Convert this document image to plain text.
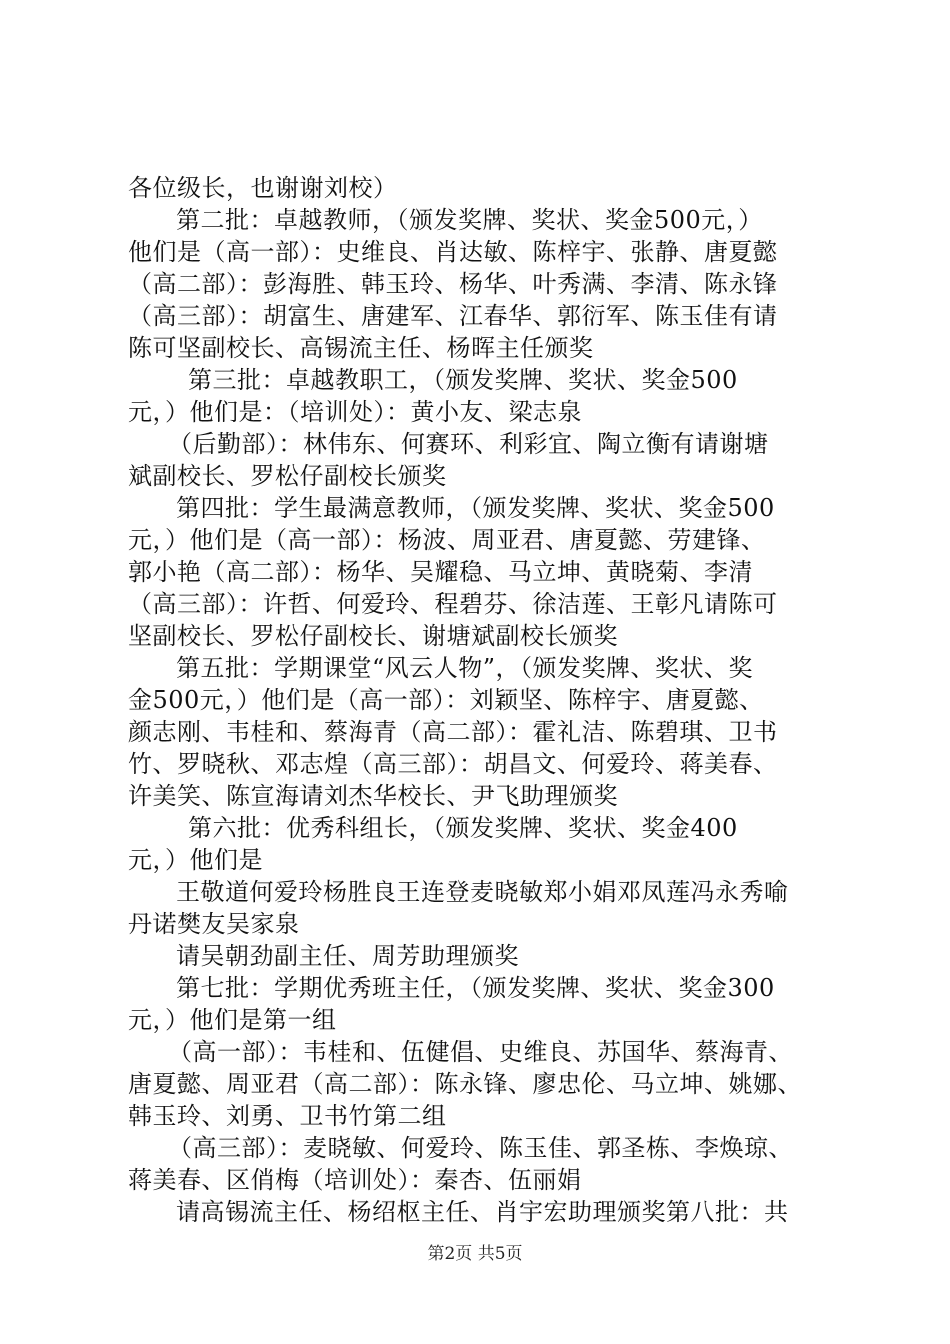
各位级长，也谢谢刘校）
第二批：卓越教师，（颁发奖牌、奖状、奖金500元，）
他们是（高一部）：史维良、肖达敏、陈梓宇、张静、唐夏懿
（高二部）：彭海胜、韩玉玲、杨华、叶秀满、李清、陈永锋
（高三部）：胡富生、唐建军、江春华、郭衍军、陈玉佳有请
陈可坚副校长、高锡流主任、杨晖主任颁奖
第三批：卓越教职工，（颁发奖牌、奖状、奖金500
元，）他们是：（培训处）：黄小友、梁志泉
（后勤部）：林伟东、何赛环、利彩宜、陶立衡有请谢塘
斌副校长、罗松仔副校长颁奖
第四批：学生最满意教师，（颁发奖牌、奖状、奖金500
元，）他们是（高一部）：杨波、周亚君、唐夏懿、劳建锋、
郭小艳（高二部）：杨华、吴耀稳、马立坤、黄晓菊、李清
（高三部）：许哲、何爱玲、程碧芬、徐洁莲、王彰凡请陈可
坚副校长、罗松仔副校长、谢塘斌副校长颁奖
第五批：学期课堂“风云人物”，（颁发奖牌、奖状、奖
金500元，）他们是（高一部）：刘颖坚、陈梓宇、唐夏懿、
颜志刚、韦桂和、蔡海青（高二部）：霍礼洁、陈碧琪、卫书
竹、罗晓秋、邓志煌（高三部）：胡昌文、何爱玲、蒋美春、
许美笑、陈宣海请刘杰华校长、尹飞助理颁奖
第六批：优秀科组长，（颁发奖牌、奖状、奖金400
元，）他们是
王敬道何爱玲杨胜良王连登麦晓敏郑小娟邓凤莲冯永秀喻
丹诺樊友吴家泉
请吴朝劲副主任、周芳助理颁奖
第七批：学期优秀班主任，（颁发奖牌、奖状、奖金300
元，）他们是第一组
（高一部）：韦桂和、伍健倡、史维良、苏国华、蔡海青、
唐夏懿、周亚君（高二部）：陈永锋、廖忠伦、马立坤、姚娜、
韩玉玲、刘勇、卫书竹第二组
（高三部）：麦晓敏、何爱玲、陈玉佳、郭圣栋、李焕琼、
蒋美春、区俏梅（培训处）：秦杏、伍丽娟
请高锡流主任、杨绍枢主任、肖宇宏助理颁奖第八批：共
第2页 共5页
